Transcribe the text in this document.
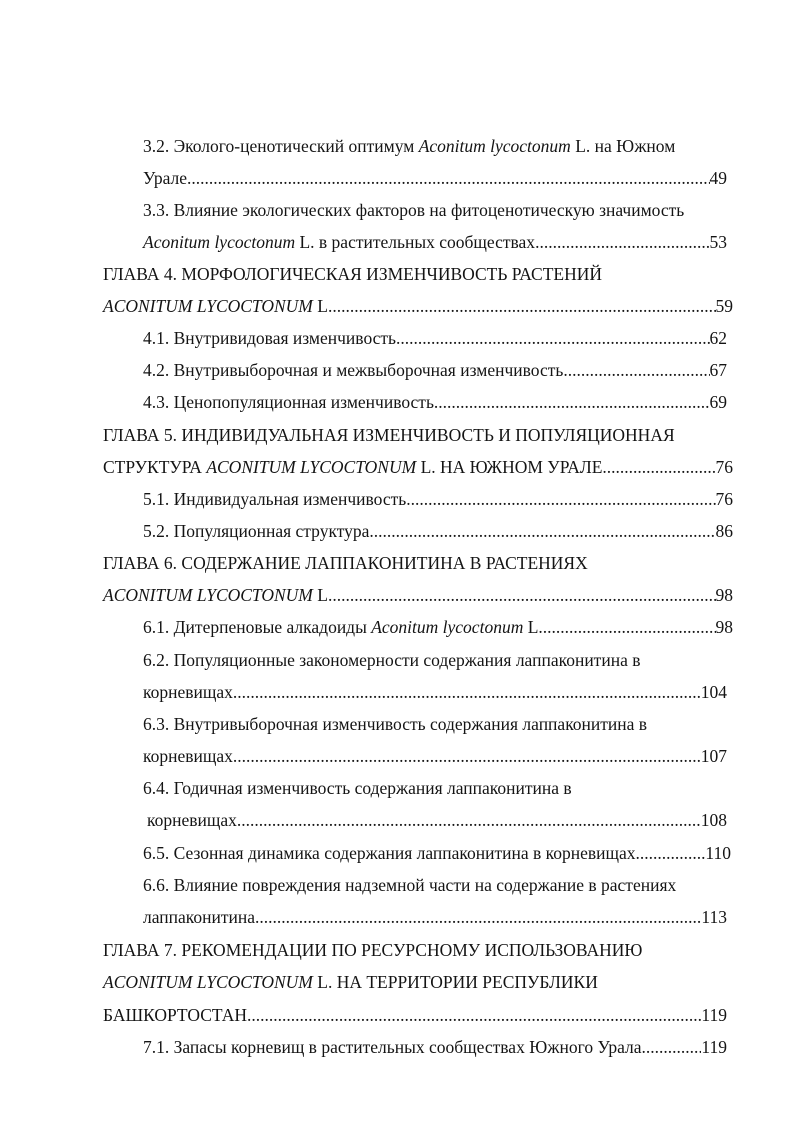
3.2. Эколого-ценотический оптимум Aconitum lycoctonum L. на Южном
Урале .....	49
3.3. Влияние экологических факторов на фитоценотическую значимость
Aconitum lycoctonum L. в растительных сообществах .....	53
ГЛАВА 4. МОРФОЛОГИЧЕСКАЯ ИЗМЕНЧИВОСТЬ РАСТЕНИЙ
ACONITUM LYCOCTONUM L. .....	59
4.1. Внутривидовая изменчивость .....	62
4.2. Внутривыборочная и межвыборочная изменчивость .....	67
4.3. Ценопопуляционная изменчивость .....	69
ГЛАВА 5. ИНДИВИДУАЛЬНАЯ ИЗМЕНЧИВОСТЬ И ПОПУЛЯЦИОННАЯ
СТРУКТУРА ACONITUM LYCOCTONUM L. НА ЮЖНОМ УРАЛЕ .....	76
5.1. Индивидуальная изменчивость .....	76
5.2. Популяционная структура .....	86
ГЛАВА 6. СОДЕРЖАНИЕ ЛАППАКОНИТИНА В РАСТЕНИЯХ
ACONITUM LYCOCTONUM L. .....	98
6.1. Дитерпеновые алкадоиды Aconitum lycoctonum L. .....	98
6.2. Популяционные закономерности содержания лаппаконитина в
корневищах .....	104
6.3. Внутривыборочная изменчивость содержания лаппаконитина в
корневищах .....	107
6.4. Годичная изменчивость содержания лаппаконитина в
корневищах .....	108
6.5. Сезонная динамика содержания лаппаконитина в корневищах .....	110
6.6. Влияние повреждения надземной части на содержание в растениях
лаппаконитина .....	113
ГЛАВА 7. РЕКОМЕНДАЦИИ ПО РЕСУРСНОМУ ИСПОЛЬЗОВАНИЮ
ACONITUM LYCOCTONUM L. НА ТЕРРИТОРИИ РЕСПУБЛИКИ
БАШКОРТОСТАН .....	119
7.1. Запасы корневищ в растительных сообществах Южного Урала .....	119
